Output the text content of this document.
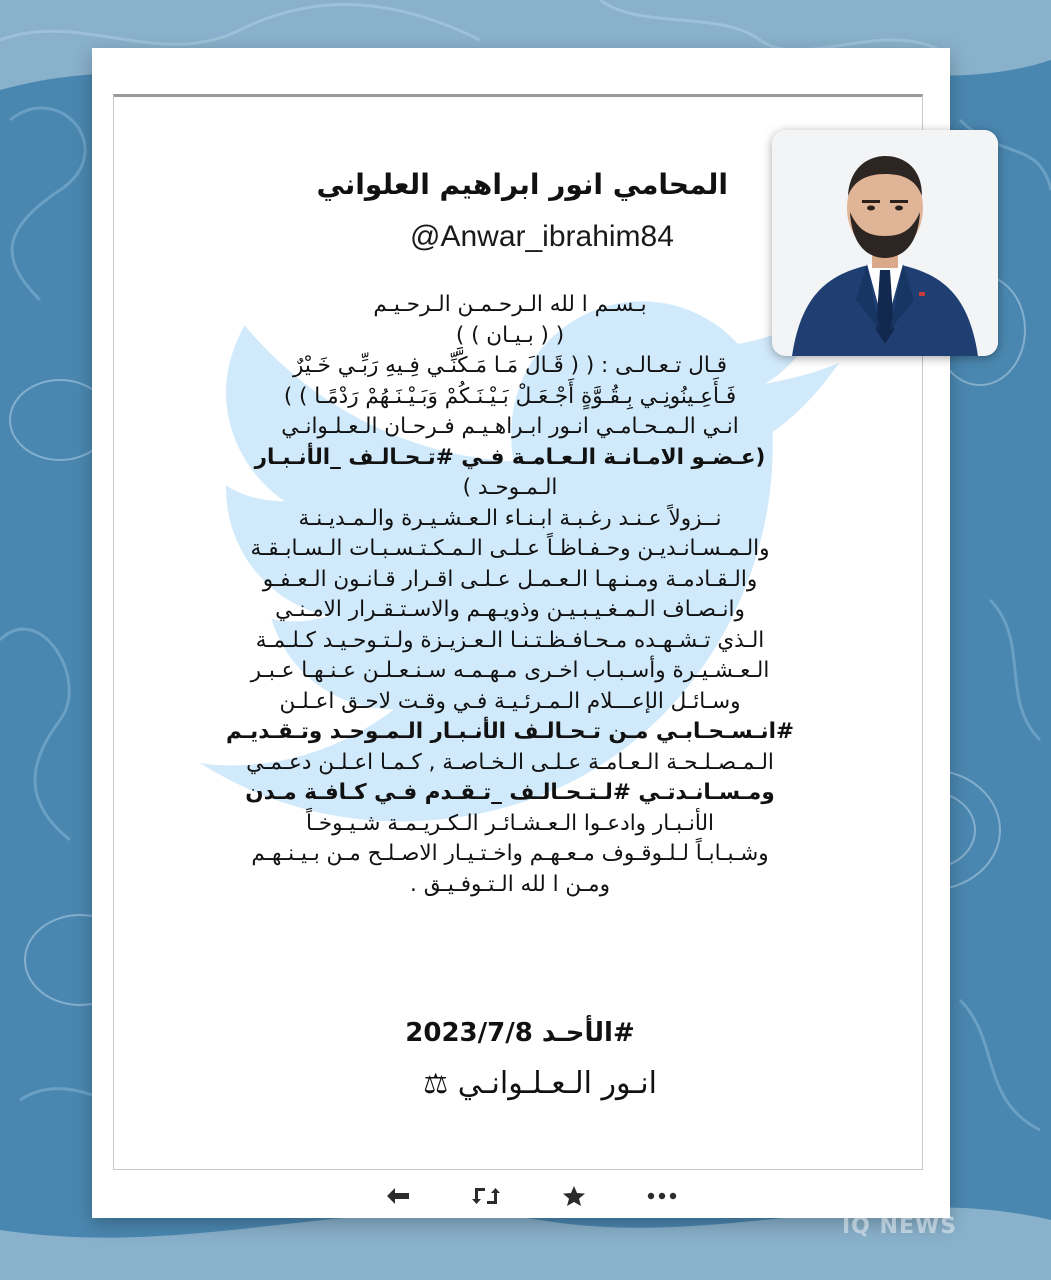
المحامي انور ابراهيم العلواني
@Anwar_ibrahim84
بـسـم ا لله الـرحـمـن الـرحـيـم
( ( بـيـان ) )
قـال تـعـالـى : ( ( قَـالَ مَـا مَـكَّنِّـي فِـيهِ رَبِّـي خَـيْرٌ
فَـأَعِـينُونِـي بِـقُـوَّةٍ أَجْـعَـلْ بَـيْـنَـكُمْ وَبَـيْـنَـهُمْ رَدْمًـا ) )
انـي الـمـحـامـي انـور ابـراهـيـم فـرحـان الـعـلـوانـي
(عـضـو الامـانـة الـعـامـة فـي #تـحـالـف _الأنـبـار
الـمـوحـد )
نــزولاً عـنـد رغـبـة ابـنـاء الـعـشـيـرة والـمـديـنـة
والـمـسـانـديـن وحـفـاظـاً عـلـى الـمـكـتـسـبـات الـسـابـقـة
والـقـادمـة ومـنـهـا الـعـمـل عـلـى اقـرار قـانـون الـعـفـو
وانـصـاف الـمـغـيـبـيـن وذويـهـم والاسـتـقـرار الامـنـي
الـذي تـشـهـده مـحـافـظـتـنـا الـعـزيـزة ولـتـوحـيـد كـلـمـة
الـعـشـيـرة وأسـبـاب اخـرى مـهـمـه سـنـعـلـن عـنـهـا عـبـر
وسـائـل الإعـــلام الـمـرئـيـة فـي وقـت لاحـق اعـلـن
#انـسـحـابـي مـن تـحـالـف الأنـبـار الـمـوحـد وتـقـديـم
الـمـصـلـحـة الـعـامـة عـلـى الـخـاصـة , كـمـا اعـلـن دعـمـي
ومـسـانـدتـي #لـتـحـالـف _تـقـدم فـي كـافـة مـدن
الأنـبـار وادعـوا الـعـشـائـر الـكـريـمـة شـيـوخـاً
وشـبـابـاً لـلـوقـوف مـعـهـم واخـتـيـار الاصـلـح مـن بـيـنـهـم
ومـن ا لله الـتـوفـيـق .
#الأحـد 2023/7/8
انـور الـعـلـوانـي ⚖
IQ NEWS
